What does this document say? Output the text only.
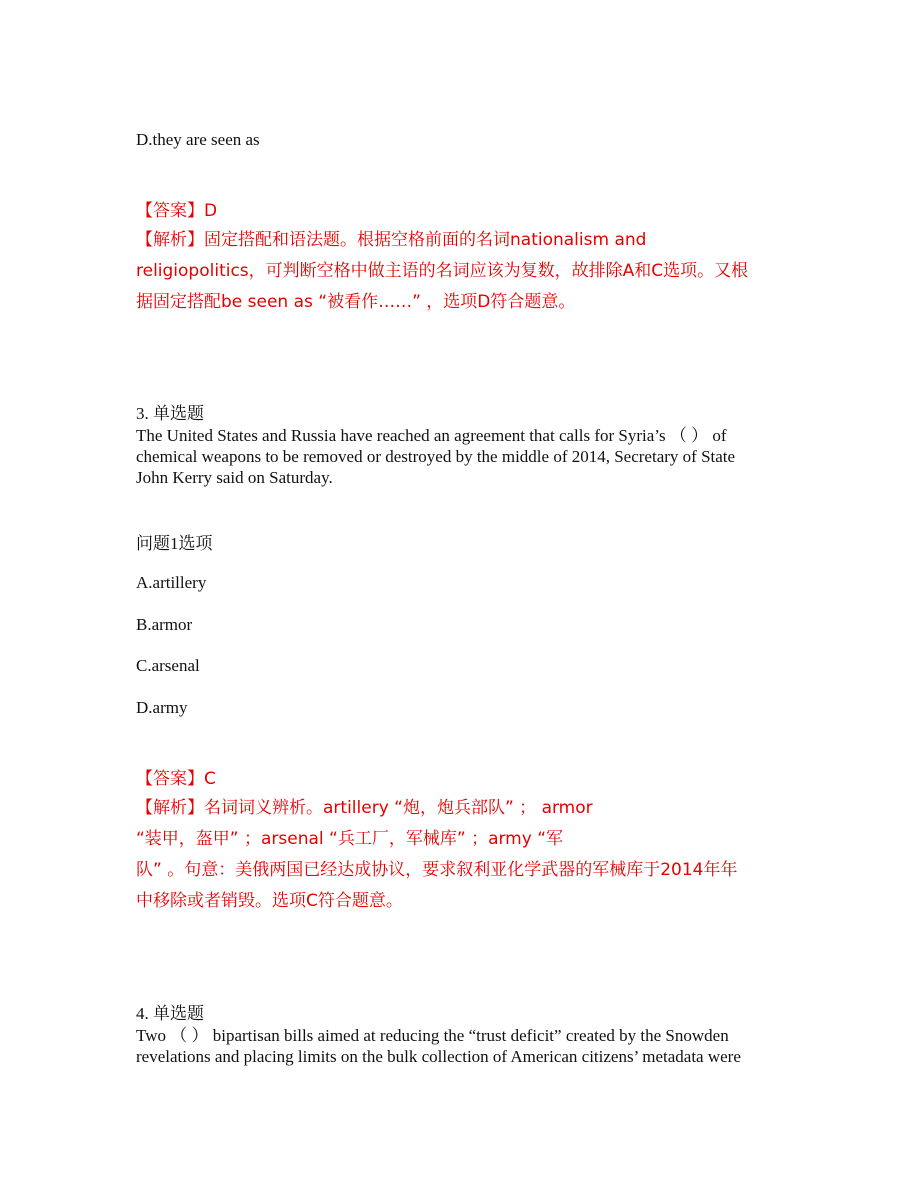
D.they are seen as
【答案】D
【解析】固定搭配和语法题。根据空格前面的名词nationalism and
religiopolitics，可判断空格中做主语的名词应该为复数，故排除A和C选项。又根
据固定搭配be seen as “被看作……” ，选项D符合题意。
3. 单选题
The United States and Russia have reached an agreement that calls for Syria’s （ ） of
chemical weapons to be removed or destroyed by the middle of 2014, Secretary of State
John Kerry said on Saturday.
问题1选项
A.artillery
B.armor
C.arsenal
D.army
【答案】C
【解析】名词词义辨析。artillery “炮，炮兵部队” ； armor
“装甲，盔甲” ；arsenal “兵工厂，军械库” ；army “军
队” 。句意：美俄两国已经达成协议，要求叙利亚化学武器的军械库于2014年年
中移除或者销毁。选项C符合题意。
4. 单选题
Two （ ） bipartisan bills aimed at reducing the “trust deficit” created by the Snowden
revelations and placing limits on the bulk collection of American citizens’ metadata were
